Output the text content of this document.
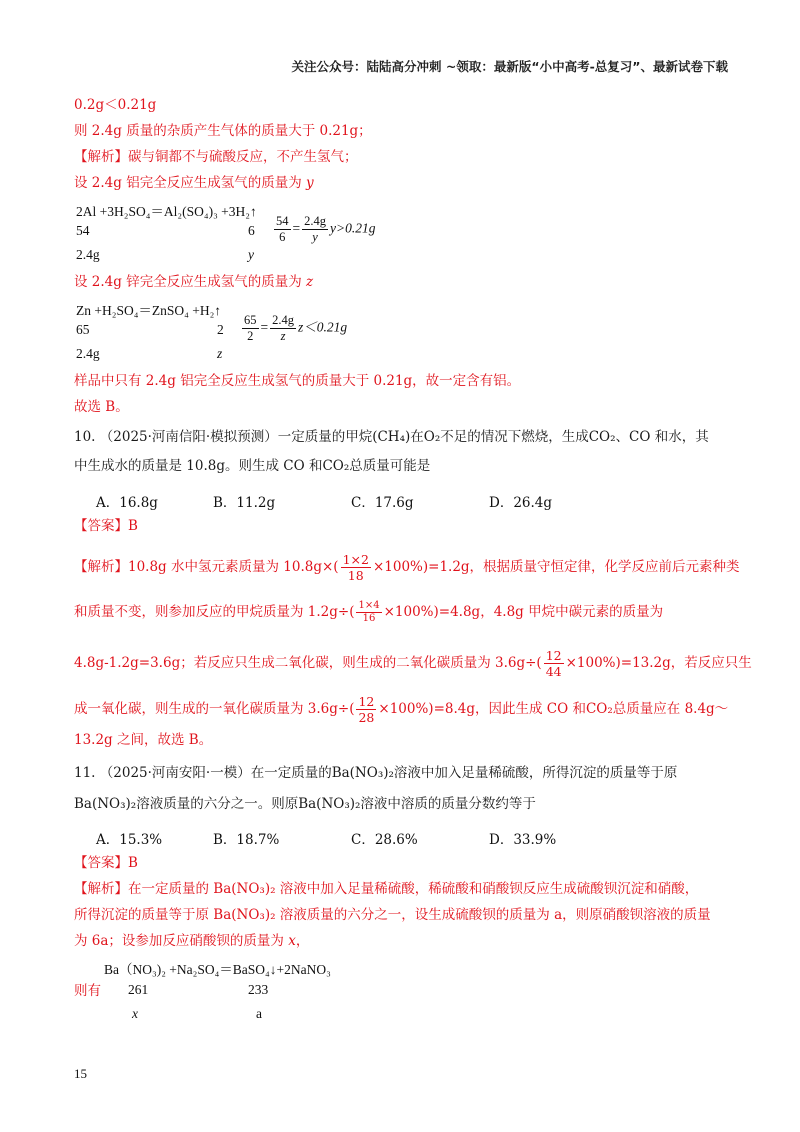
关注公众号：陆陆高分冲刺 ~领取：最新版“小中高考-总复习”、最新试卷下载
0.2g＜0.21g
则 2.4g 质量的杂质产生气体的质量大于 0.21g；
【解析】碳与铜都不与硫酸反应，不产生氢气；
设 2.4g 铝完全反应生成氢气的质量为 y
2Al +3H₂SO₄＝Al₂(SO₄)₃ +3H₂↑
54	6
2.4g	y
$\frac{54}{6} = \frac{2.4g}{y} y>0.21g$
设 2.4g 锌完全反应生成氢气的质量为 z
Zn +H₂SO₄＝ZnSO₄ +H₂↑
65	2
2.4g	z
$\frac{65}{2} = \frac{2.4g}{z} z<0.21g$
样品中只有 2.4g 铝完全反应生成氢气的质量大于 0.21g，故一定含有铝。
故选 B。
10. （2025·河南信阳·模拟预测）一定质量的甲烷(CH₄)在O₂不足的情况下燃烧，生成CO₂、CO 和水，其
中生成水的质量是 10.8g。则生成 CO 和CO₂总质量可能是
A．16.8g	B．11.2g	C．17.6g	D．26.4g
【答案】B
【解析】10.8g 水中氢元素质量为 $10.8g\times( \frac{1\times 2}{18} \times 100\%)=1.2g$，根据质量守恒定律，化学反应前后元素种类
和质量不变，则参加反应的甲烷质量为 $1.2g\div( \frac{1\times 4}{16} \times 100\%)=4.8g$，4.8g 甲烷中碳元素的质量为
4.8g-1.2g=3.6g；若反应只生成二氧化碳，则生成的二氧化碳质量为 $3.6g\div( \frac{12}{44} \times 100\%)=13.2g$，若反应只生
成一氧化碳，则生成的一氧化碳质量为 $3.6g\div( \frac{12}{28} \times 100\%)=8.4g$，因此生成 CO 和CO₂总质量应在 8.4g～
13.2g 之间，故选 B。
11. （2025·河南安阳·一模）在一定质量的Ba(NO₃)₂溶液中加入足量稀硫酸，所得沉淀的质量等于原
Ba(NO₃)₂溶液质量的六分之一。则原Ba(NO₃)₂溶液中溶质的质量分数约等于
A．15.3%	B．18.7%	C．28.6%	D．33.9%
【答案】B
【解析】在一定质量的 Ba(NO₃)₂ 溶液中加入足量稀硫酸，稀硫酸和硝酸钡反应生成硫酸钡沉淀和硝酸，
所得沉淀的质量等于原 Ba(NO₃)₂ 溶液质量的六分之一，设生成硫酸钡的质量为 a，则原硝酸钡溶液的质量
为 6a；设参加反应硝酸钡的质量为 x，
Ba（NO₃)₂ +Na₂SO₄＝BaSO₄↓+2NaNO₃
则有 261	233
x	a
15
